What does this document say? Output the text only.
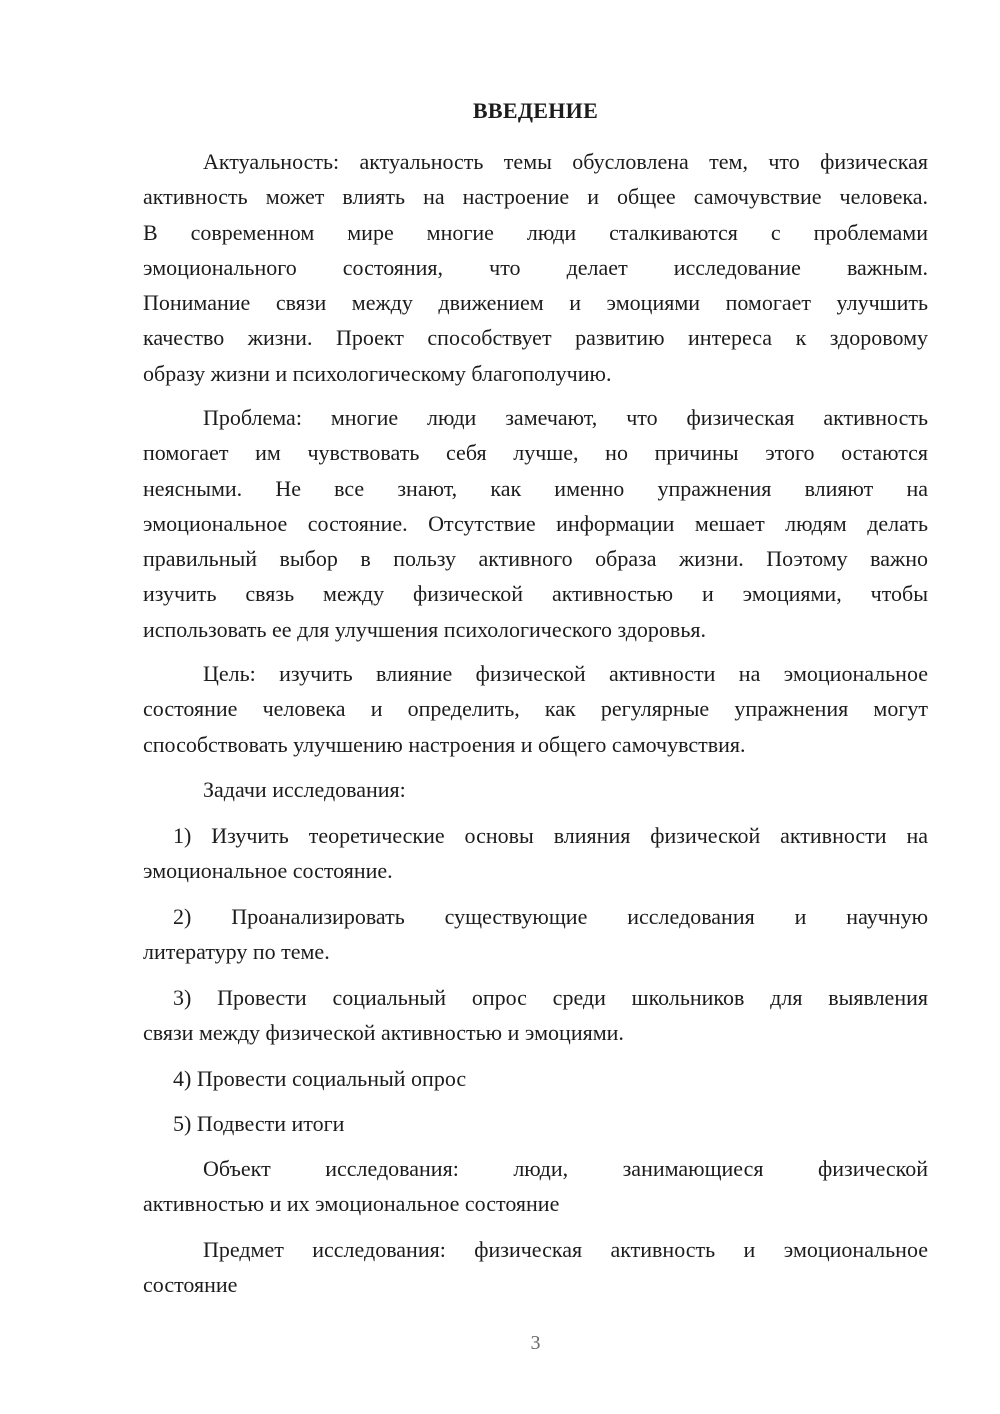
ВВЕДЕНИЕ
Актуальность: актуальность темы обусловлена тем, что физическая
активность может влиять на настроение и общее самочувствие человека.
В современном мире многие люди сталкиваются с проблемами
эмоционального состояния, что делает исследование важным.
Понимание связи между движением и эмоциями помогает улучшить
качество жизни. Проект способствует развитию интереса к здоровому
образу жизни и психологическому благополучию.
Проблема: многие люди замечают, что физическая активность
помогает им чувствовать себя лучше, но причины этого остаются
неясными. Не все знают, как именно упражнения влияют на
эмоциональное состояние. Отсутствие информации мешает людям делать
правильный выбор в пользу активного образа жизни. Поэтому важно
изучить связь между физической активностью и эмоциями, чтобы
использовать ее для улучшения психологического здоровья.
Цель: изучить влияние физической активности на эмоциональное
состояние человека и определить, как регулярные упражнения могут
способствовать улучшению настроения и общего самочувствия.
Задачи исследования:
1) Изучить теоретические основы влияния физической активности на
эмоциональное состояние.
2) Проанализировать существующие исследования и научную
литературу по теме.
3) Провести социальный опрос среди школьников для выявления
связи между физической активностью и эмоциями.
4) Провести социальный опрос
5) Подвести итоги
Объект исследования: люди, занимающиеся физической
активностью и их эмоциональное состояние
Предмет исследования: физическая активность и эмоциональное
состояние
3
